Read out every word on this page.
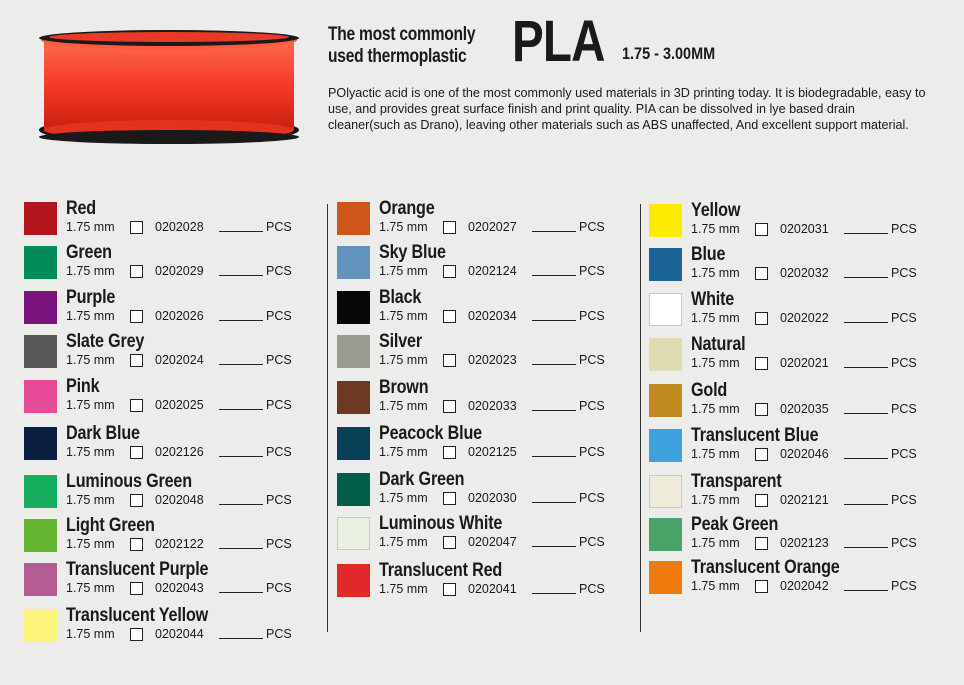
The most commonly
used thermoplastic PLA 1.75 - 3.00MM
POlyactic acid is one of the most commonly used materials in 3D printing today. It is biodegradable, easy to use, and provides great surface finish and print quality. PIA can be dissolved in lye based drain cleaner(such as Drano), leaving other materials such as ABS unaffected, And excellent support material.
Red
1.75 mm	0202028	PCS
Green
1.75 mm	0202029	PCS
Purple
1.75 mm	0202026	PCS
Slate Grey
1.75 mm	0202024	PCS
Pink
1.75 mm	0202025	PCS
Dark Blue
1.75 mm	0202126	PCS
Luminous Green
1.75 mm	0202048	PCS
Light Green
1.75 mm	0202122	PCS
Translucent Purple
1.75 mm	0202043	PCS
Translucent Yellow
1.75 mm	0202044	PCS
Orange
1.75 mm	0202027	PCS
Sky Blue
1.75 mm	0202124	PCS
Black
1.75 mm	0202034	PCS
Silver
1.75 mm	0202023	PCS
Brown
1.75 mm	0202033	PCS
Peacock Blue
1.75 mm	0202125	PCS
Dark Green
1.75 mm	0202030	PCS
Luminous White
1.75 mm	0202047	PCS
Translucent Red
1.75 mm	0202041	PCS
Yellow
1.75 mm	0202031	PCS
Blue
1.75 mm	0202032	PCS
White
1.75 mm	0202022	PCS
Natural
1.75 mm	0202021	PCS
Gold
1.75 mm	0202035	PCS
Translucent Blue
1.75 mm	0202046	PCS
Transparent
1.75 mm	0202121	PCS
Peak Green
1.75 mm	0202123	PCS
Translucent Orange
1.75 mm	0202042	PCS
